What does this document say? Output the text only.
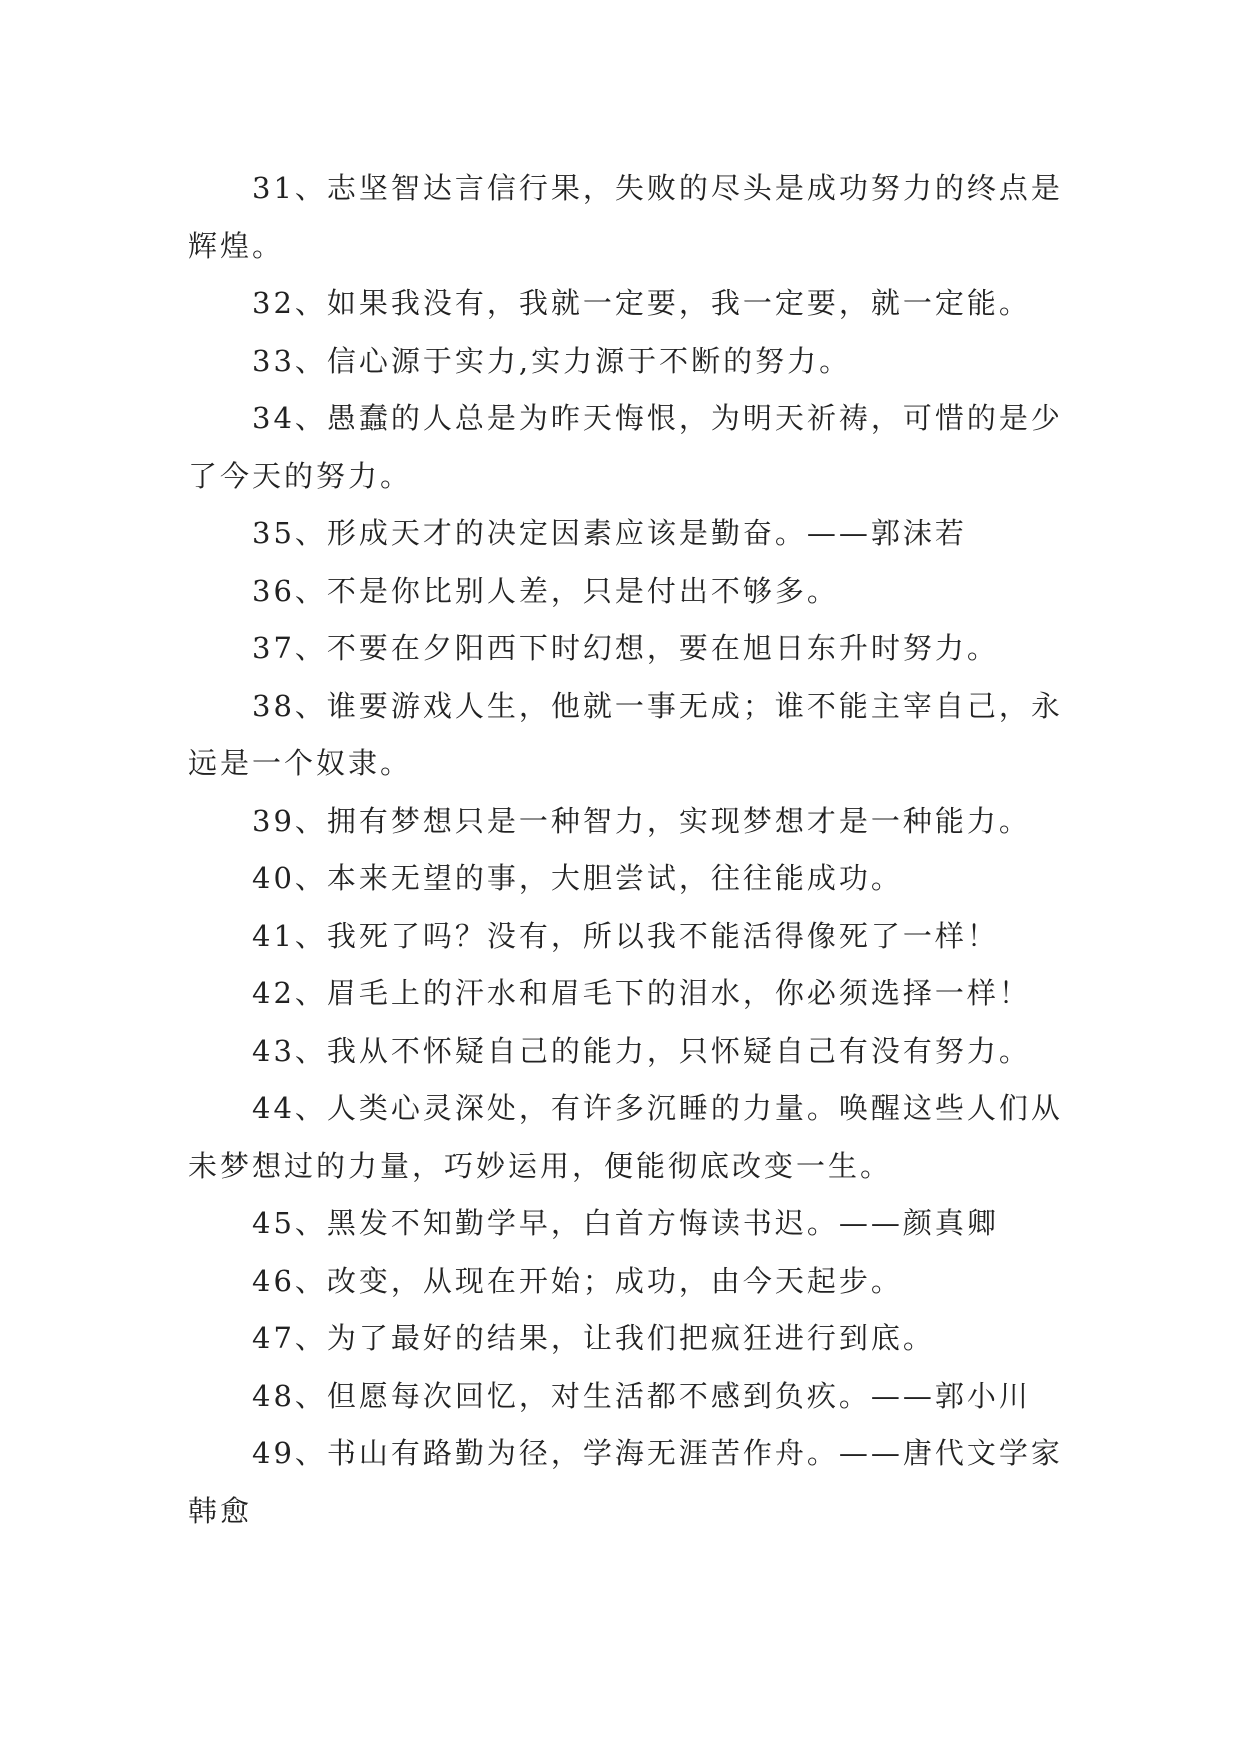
31、志坚智达言信行果，失败的尽头是成功努力的终点是辉煌。

32、如果我没有，我就一定要，我一定要，就一定能。

33、信心源于实力,实力源于不断的努力。

34、愚蠢的人总是为昨天悔恨，为明天祈祷，可惜的是少了今天的努力。

35、形成天才的决定因素应该是勤奋。——郭沫若

36、不是你比别人差，只是付出不够多。

37、不要在夕阳西下时幻想，要在旭日东升时努力。

38、谁要游戏人生，他就一事无成；谁不能主宰自己，永远是一个奴隶。

39、拥有梦想只是一种智力，实现梦想才是一种能力。

40、本来无望的事，大胆尝试，往往能成功。

41、我死了吗？没有，所以我不能活得像死了一样！

42、眉毛上的汗水和眉毛下的泪水，你必须选择一样！

43、我从不怀疑自己的能力，只怀疑自己有没有努力。

44、人类心灵深处，有许多沉睡的力量。唤醒这些人们从未梦想过的力量，巧妙运用，便能彻底改变一生。

45、黑发不知勤学早，白首方悔读书迟。——颜真卿

46、改变，从现在开始；成功，由今天起步。

47、为了最好的结果，让我们把疯狂进行到底。

48、但愿每次回忆，对生活都不感到负疚。——郭小川

49、书山有路勤为径，学海无涯苦作舟。——唐代文学家韩愈
